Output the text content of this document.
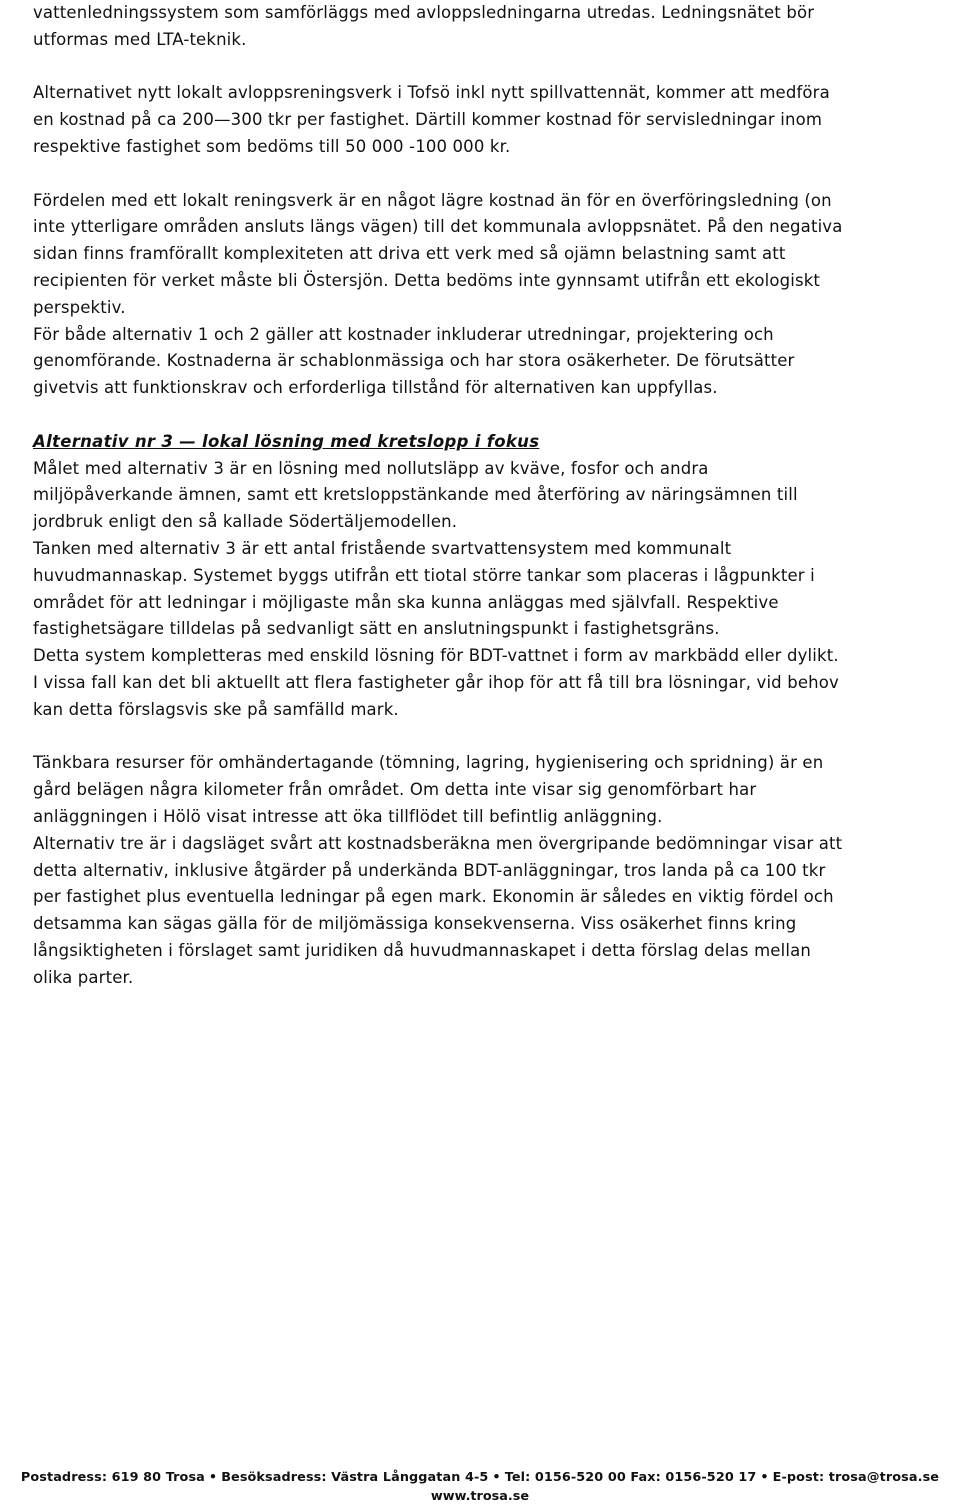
vattenledningssystem som samförläggs med avloppsledningarna utredas. Ledningsnätet bör
utformas med LTA-teknik.

Alternativet nytt lokalt avloppsreningsverk i Tofsö inkl nytt spillvattennät, kommer att medföra
en kostnad på ca 200—300 tkr per fastighet. Därtill kommer kostnad för servisledningar inom
respektive fastighet som bedöms till 50 000 -100 000 kr.

Fördelen med ett lokalt reningsverk är en något lägre kostnad än för en överföringsledning (on
inte ytterligare områden ansluts längs vägen) till det kommunala avloppsnätet. På den negativa
sidan finns framförallt komplexiteten att driva ett verk med så ojämn belastning samt att
recipienten för verket måste bli Östersjön. Detta bedöms inte gynnsamt utifrån ett ekologiskt
perspektiv.

För både alternativ 1 och 2 gäller att kostnader inkluderar utredningar, projektering och
genomförande. Kostnaderna är schablonmässiga och har stora osäkerheter. De förutsätter
givetvis att funktionskrav och erforderliga tillstånd för alternativen kan uppfyllas.

Alternativ nr 3 — lokal lösning med kretslopp i fokus

Målet med alternativ 3 är en lösning med nollutsläpp av kväve, fosfor och andra
miljöpåverkande ämnen, samt ett kretsloppstänkande med återföring av näringsämnen till
jordbruk enligt den så kallade Södertäljemodellen.

Tanken med alternativ 3 är ett antal fristående svartvattensystem med kommunalt
huvudmannaskap. Systemet byggs utifrån ett tiotal större tankar som placeras i lågpunkter i
området för att ledningar i möjligaste mån ska kunna anläggas med självfall. Respektive
fastighetsägare tilldelas på sedvanligt sätt en anslutningspunkt i fastighetsgräns.

Detta system kompletteras med enskild lösning för BDT-vattnet i form av markbädd eller dylikt.
I vissa fall kan det bli aktuellt att flera fastigheter går ihop för att få till bra lösningar, vid behov
kan detta förslagsvis ske på samfälld mark.

Tänkbara resurser för omhändertagande (tömning, lagring, hygienisering och spridning) är en
gård belägen några kilometer från området. Om detta inte visar sig genomförbart har
anläggningen i Hölö visat intresse att öka tillflödet till befintlig anläggning.

Alternativ tre är i dagsläget svårt att kostnadsberäkna men övergripande bedömningar visar att
detta alternativ, inklusive åtgärder på underkända BDT-anläggningar, tros landa på ca 100 tkr
per fastighet plus eventuella ledningar på egen mark. Ekonomin är således en viktig fördel och
detsamma kan sägas gälla för de miljömässiga konsekvenserna. Viss osäkerhet finns kring
långsiktigheten i förslaget samt juridiken då huvudmannaskapet i detta förslag delas mellan
olika parter.

Postadress: 619 80 Trosa • Besöksadress: Västra Långgatan 4-5 • Tel: 0156-520 00 Fax: 0156-520 17 • E-post: trosa@trosa.se
www.trosa.se
